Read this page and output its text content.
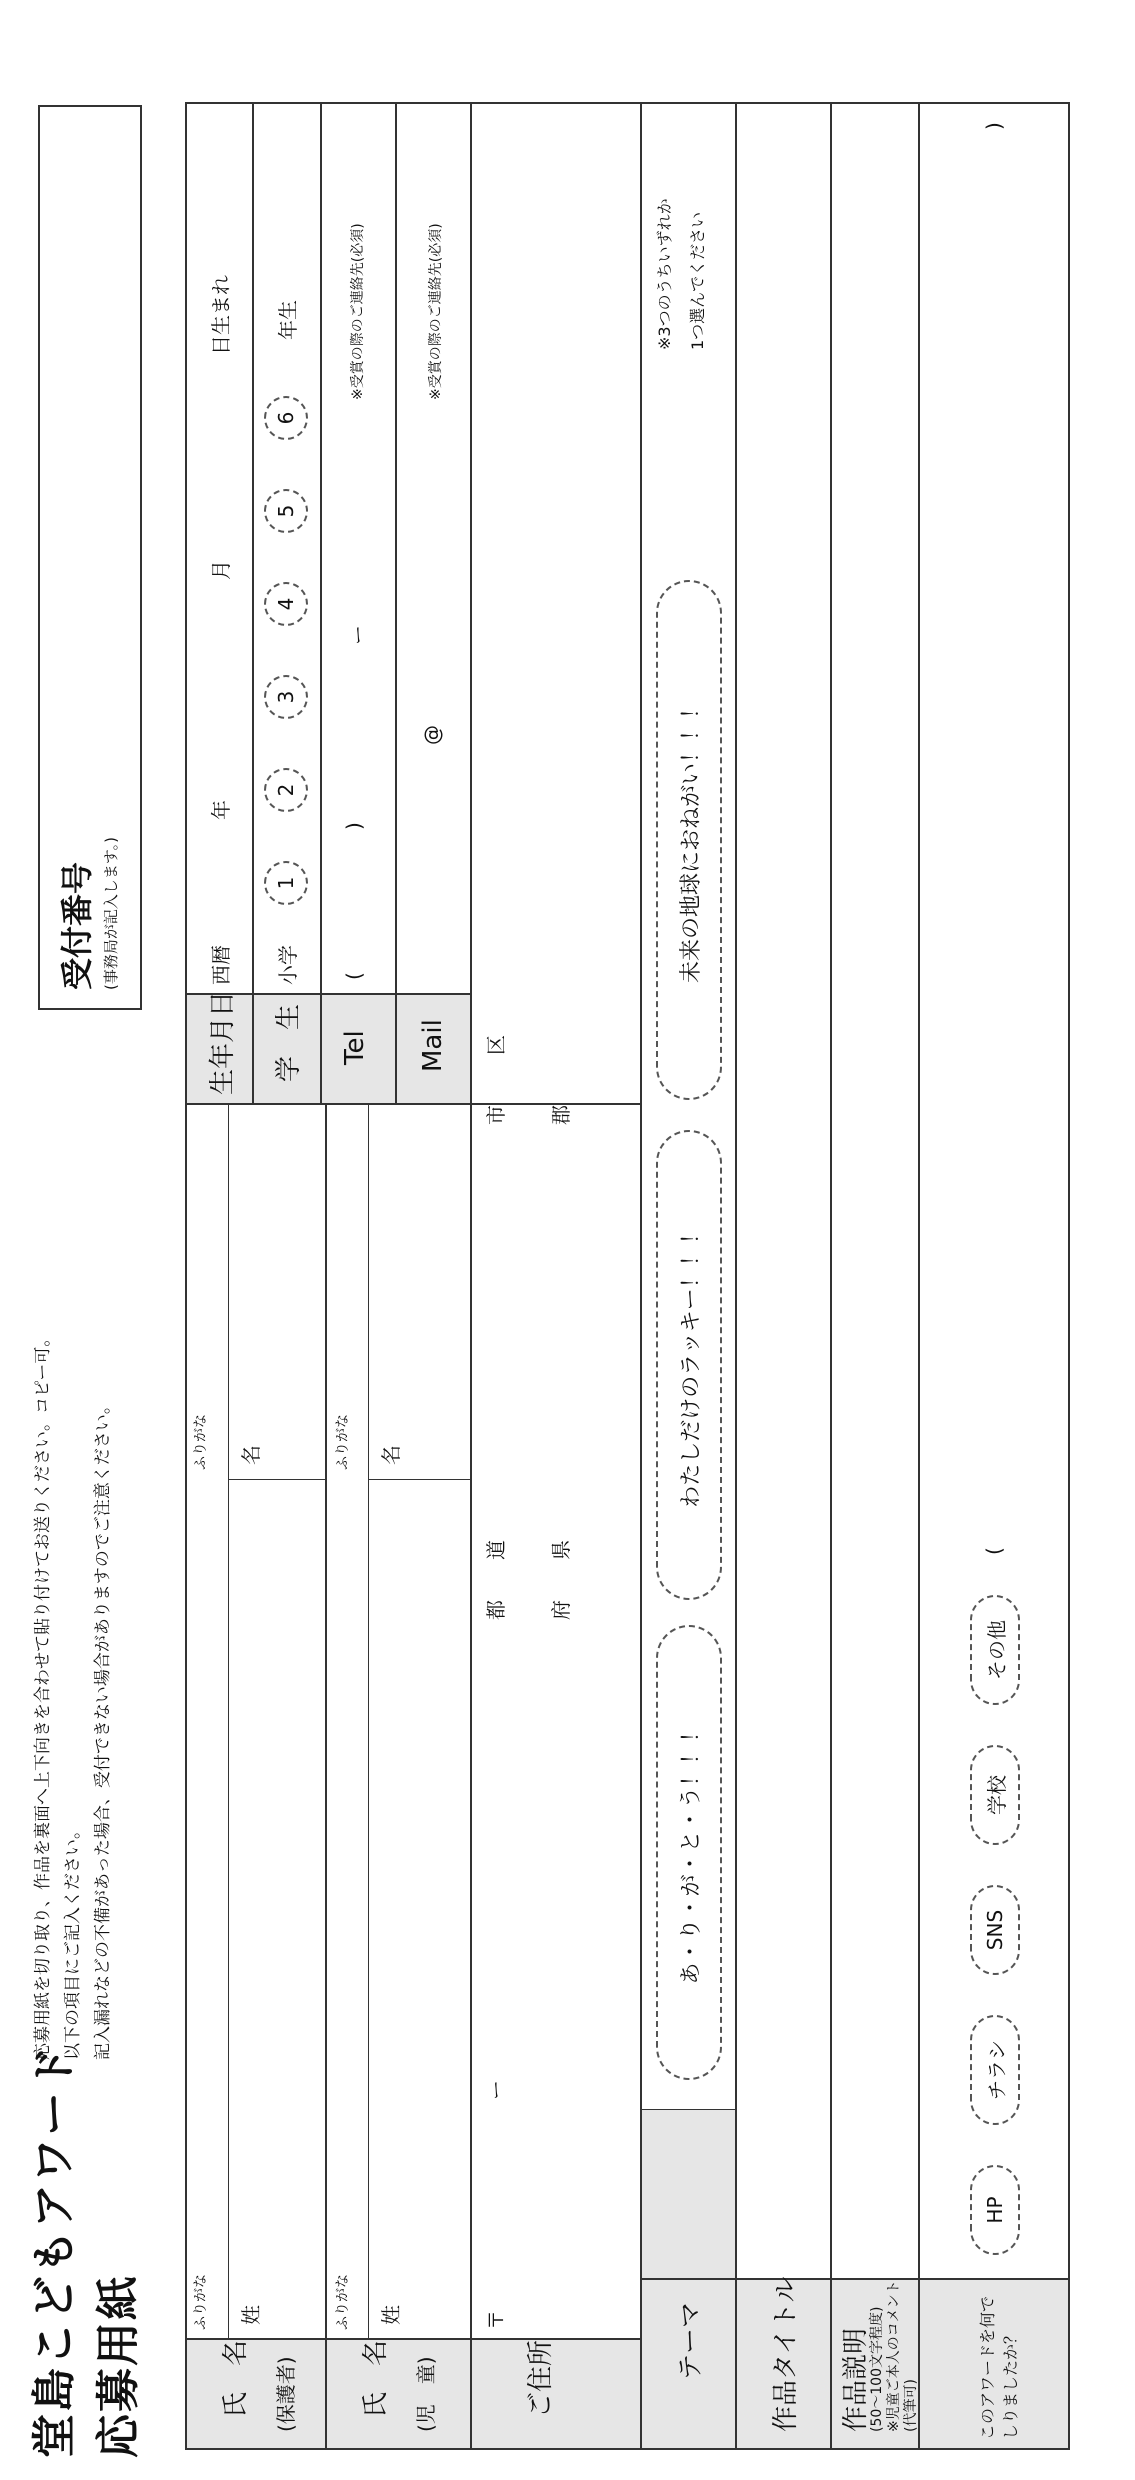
堂島こどもアワード 応募用紙
応募用紙を切り取り、作品を裏面へ上下向きを合わせて貼り付けてお送りください。コピー可。 以下の項目にご記入ください。 記入漏れなどの不備があった場合、受付できない場合がありますのでご注意ください。
受付番号 (事務局が記入します。)
氏　名 (保護者)
ふりがな
ふりがな
姓
名
氏　名 (児　童)
ふりがな
ふりがな
姓
名
生年月日
西暦
年
月
日生まれ
学　生
小学
1
2
3
4
5
6
年生
Tel
(
)
ー
※受賞の際のご連絡先(必須)
Mail
@
※受賞の際のご連絡先(必須)
ご住所
〒
ー
都
道
府
県
市
区
郡
テーマ
あ・り・が・と・う！！！
わたしだけのラッキー！！！
未来の地球におねがい！！！
※3つのうちいずれか 1つ選んでください
作品タイトル 作品説明
(50〜100文字程度) ※児童ご本人のコメント (代筆可)	このアワードを何で しりましたか？
HP
チラシ
SNS
学校
その他
(
)
